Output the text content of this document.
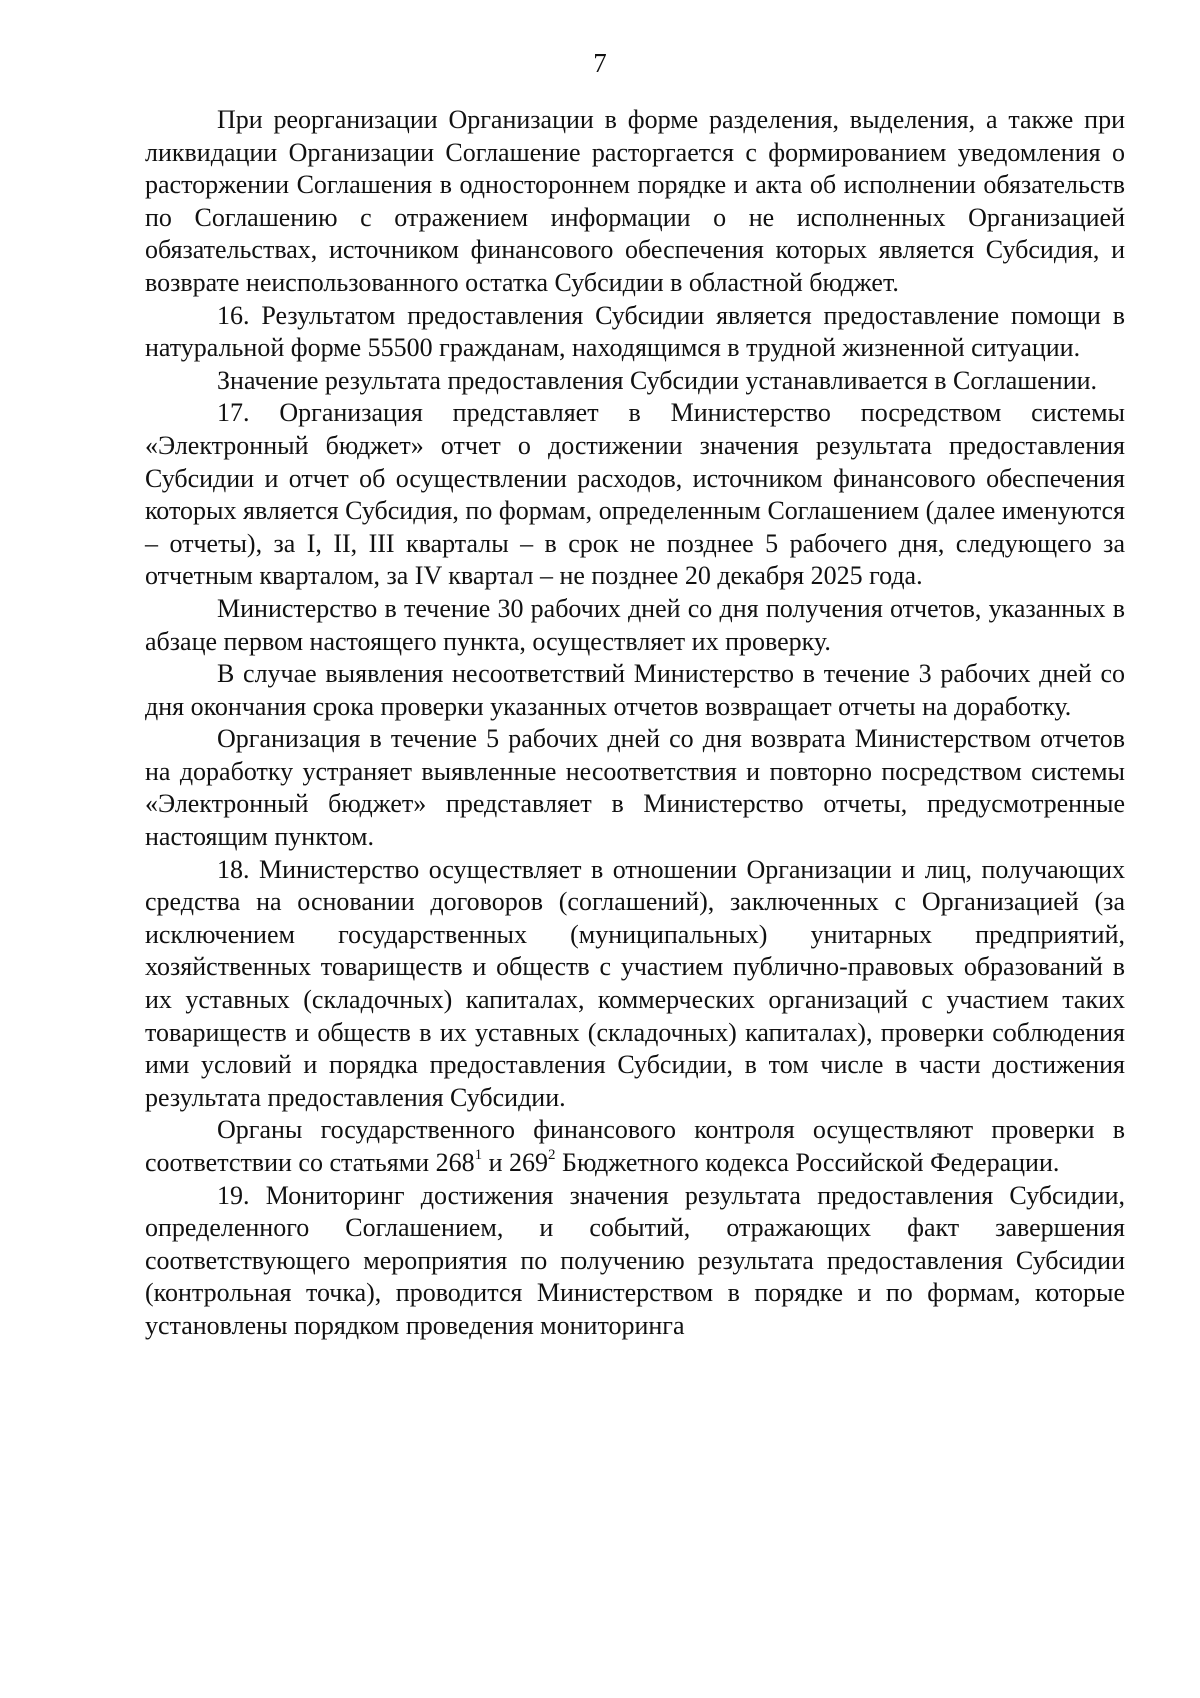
7

При реорганизации Организации в форме разделения, выделения, а также при ликвидации Организации Соглашение расторгается с формированием уведомления о расторжении Соглашения в одностороннем порядке и акта об исполнении обязательств по Соглашению с отражением информации о не исполненных Организацией обязательствах, источником финансового обеспечения которых является Субсидия, и возврате неиспользованного остатка Субсидии в областной бюджет.

16. Результатом предоставления Субсидии является предоставление помощи в натуральной форме 55500 гражданам, находящимся в трудной жизненной ситуации.

Значение результата предоставления Субсидии устанавливается в Соглашении.

17. Организация представляет в Министерство посредством системы «Электронный бюджет» отчет о достижении значения результата предоставления Субсидии и отчет об осуществлении расходов, источником финансового обеспечения которых является Субсидия, по формам, определенным Соглашением (далее именуются – отчеты), за I, II, III кварталы – в срок не позднее 5 рабочего дня, следующего за отчетным кварталом, за IV квартал – не позднее 20 декабря 2025 года.

Министерство в течение 30 рабочих дней со дня получения отчетов, указанных в абзаце первом настоящего пункта, осуществляет их проверку.

В случае выявления несоответствий Министерство в течение 3 рабочих дней со дня окончания срока проверки указанных отчетов возвращает отчеты на доработку.

Организация в течение 5 рабочих дней со дня возврата Министерством отчетов на доработку устраняет выявленные несоответствия и повторно посредством системы «Электронный бюджет» представляет в Министерство отчеты, предусмотренные настоящим пунктом.

18. Министерство осуществляет в отношении Организации и лиц, получающих средства на основании договоров (соглашений), заключенных с Организацией (за исключением государственных (муниципальных) унитарных предприятий, хозяйственных товариществ и обществ с участием публично-правовых образований в их уставных (складочных) капиталах, коммерческих организаций с участием таких товариществ и обществ в их уставных (складочных) капиталах), проверки соблюдения ими условий и порядка предоставления Субсидии, в том числе в части достижения результата предоставления Субсидии.

Органы государственного финансового контроля осуществляют проверки в соответствии со статьями $268^1$ и $269^2$ Бюджетного кодекса Российской Федерации.

19. Мониторинг достижения значения результата предоставления Субсидии, определенного Соглашением, и событий, отражающих факт завершения соответствующего мероприятия по получению результата предоставления Субсидии (контрольная точка), проводится Министерством в порядке и по формам, которые установлены порядком проведения мониторинга
